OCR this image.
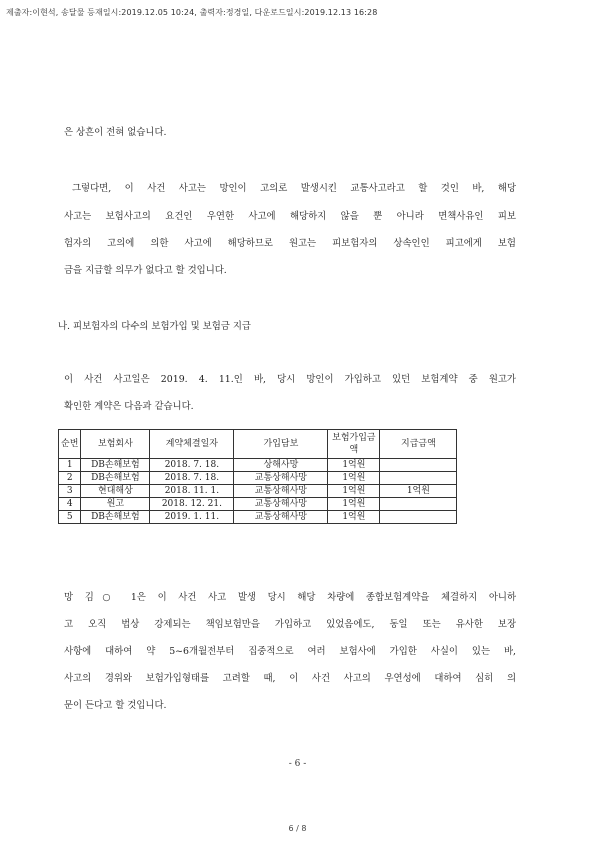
제출자:이현석, 송달물 등재일시:2019.12.05 10:24, 출력자:정경일, 다운로드일시:2019.12.13 16:28
은 상흔이 전혀 없습니다.
그렇다면, 이 사건 사고는 망인이 고의로 발생시킨 교통사고라고 할 것인 바, 해당
사고는 보험사고의 요건인 우연한 사고에 해당하지 않을 뿐 아니라 면책사유인 피보
험자의 고의에 의한 사고에 해당하므로 원고는 피보험자의 상속인인 피고에게 보험
금을 지급할 의무가 없다고 할 것입니다.
나. 피보험자의 다수의 보험가입 및 보험금 지급
이 사건 사고일은 2019. 4. 11.인 바, 당시 망인이 가입하고 있던 보험계약 중 원고가
확인한 계약은 다음과 같습니다.
순번	보험회사	계약체결일자	가입담보	보험가입금액	지급금액
1	DB손해보험	2018. 7. 18.	상해사망	1억원	
2	DB손해보험	2018. 7. 18.	교통상해사망	1억원	
3	현대해상	2018. 11. 1.	교통상해사망	1억원	1억원
4	원고	2018. 12. 21.	교통상해사망	1억원	
5	DB손해보험	2019. 1. 11.	교통상해사망	1억원	
망 김○ 1은 이 사건 사고 발생 당시 해당 차량에 종합보험계약을 체결하지 아니하
고 오직 법상 강제되는 책임보험만을 가입하고 있었음에도, 동일 또는 유사한 보장
사항에 대하여 약 5~6개월전부터 집중적으로 여러 보험사에 가입한 사실이 있는 바,
사고의 경위와 보험가입형태를 고려할 때, 이 사건 사고의 우연성에 대하여 심히 의
문이 든다고 할 것입니다.
- 6 -
6 / 8
